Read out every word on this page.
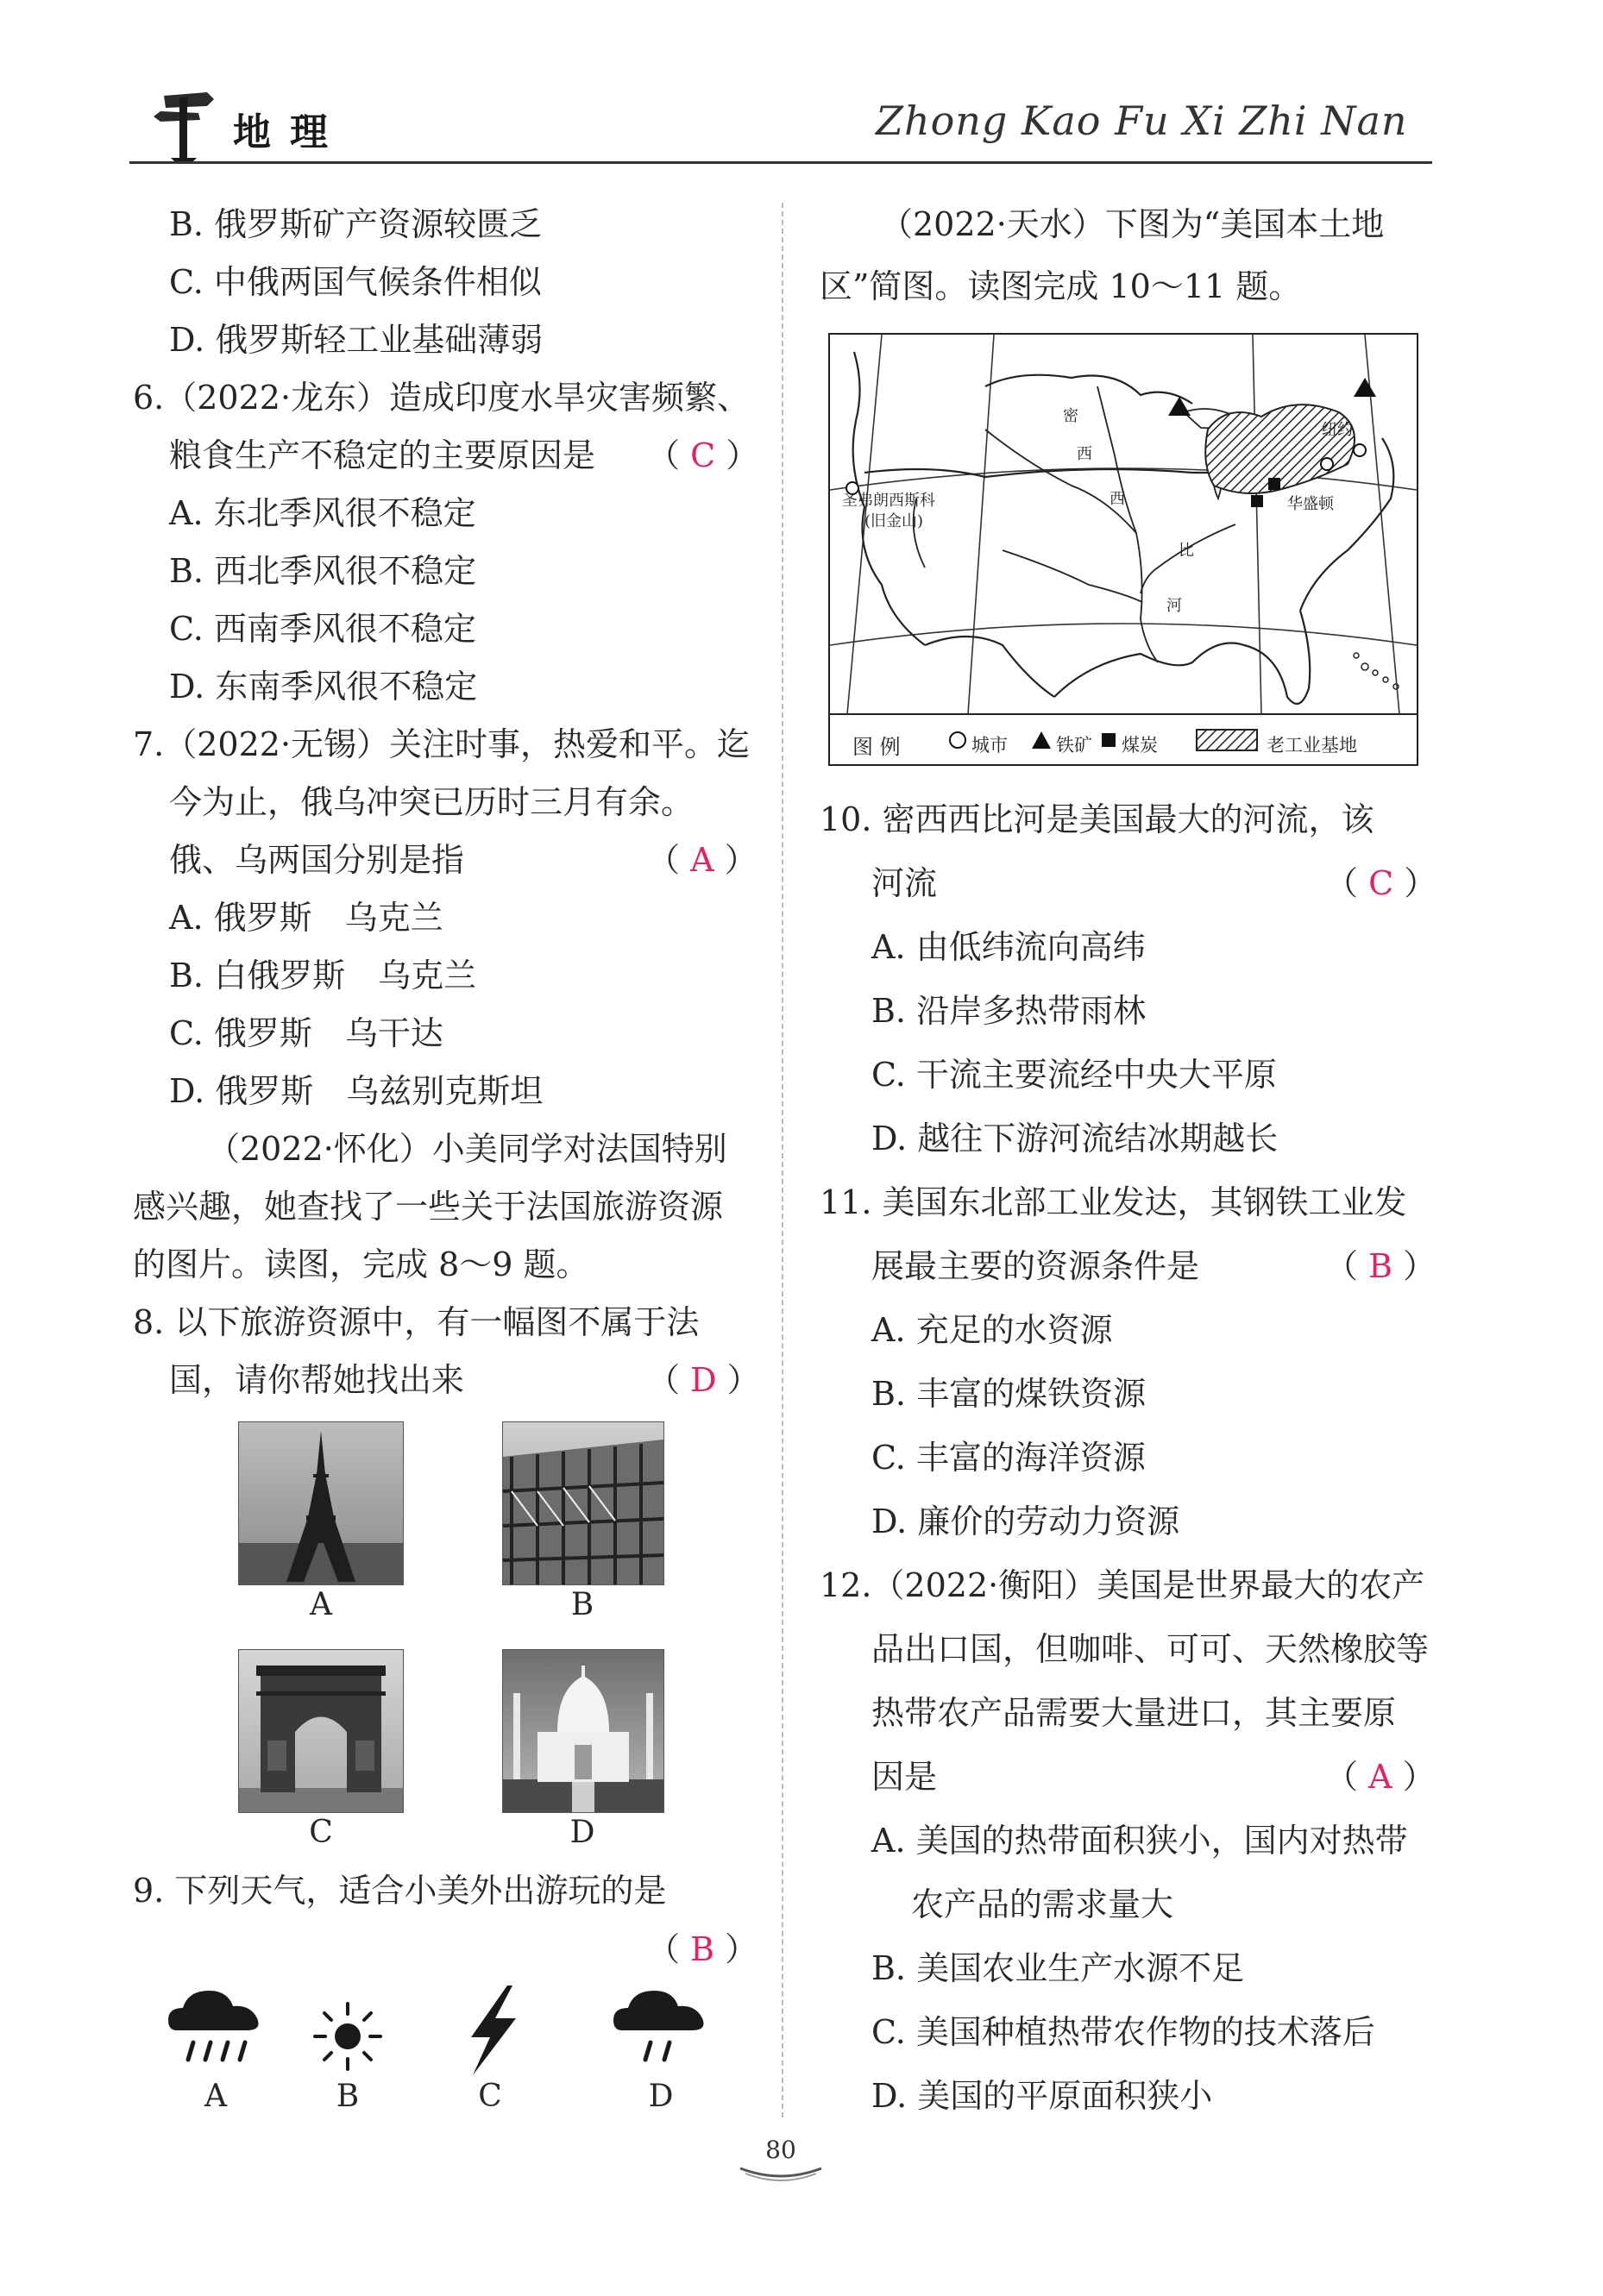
地理	Zhong Kao Fu Xi Zhi Nan
B. 俄罗斯矿产资源较匮乏
C. 中俄两国气候条件相似
D. 俄罗斯轻工业基础薄弱
6.（2022·龙东）造成印度水旱灾害频繁、
粮食生产不稳定的主要原因是 （ C ）
A. 东北季风很不稳定
B. 西北季风很不稳定
C. 西南季风很不稳定
D. 东南季风很不稳定
7.（2022·无锡）关注时事，热爱和平。迄
今为止，俄乌冲突已历时三月有余。
俄、乌两国分别是指	（ A ）
A. 俄罗斯　乌克兰
B. 白俄罗斯　乌克兰
C. 俄罗斯　乌干达
D. 俄罗斯　乌兹别克斯坦
（2022·怀化）小美同学对法国特别
感兴趣，她查找了一些关于法国旅游资源
的图片。读图，完成 8～9 题。
8. 以下旅游资源中，有一幅图不属于法
国，请你帮她找出来	（ D ）
A	B
C	D
9. 下列天气，适合小美外出游玩的是
（ B ）
A	B	C	D
（2022·天水）下图为“美国本土地
区”简图。读图完成 10～11 题。
密
西
西
比
河
圣弗朗西斯科
(旧金山)
纽约
华盛顿
图 例	城市	铁矿 煤炭	老工业基地
10. 密西西比河是美国最大的河流，该
河流	（ C ）
A. 由低纬流向高纬
B. 沿岸多热带雨林
C. 干流主要流经中央大平原
D. 越往下游河流结冰期越长
11. 美国东北部工业发达，其钢铁工业发
展最主要的资源条件是	（ B ）
A. 充足的水资源
B. 丰富的煤铁资源
C. 丰富的海洋资源
D. 廉价的劳动力资源
12.（2022·衡阳）美国是世界最大的农产
品出口国，但咖啡、可可、天然橡胶等
热带农产品需要大量进口，其主要原
因是	（ A ）
A. 美国的热带面积狭小，国内对热带
农产品的需求量大
B. 美国农业生产水源不足
C. 美国种植热带农作物的技术落后
D. 美国的平原面积狭小
80
